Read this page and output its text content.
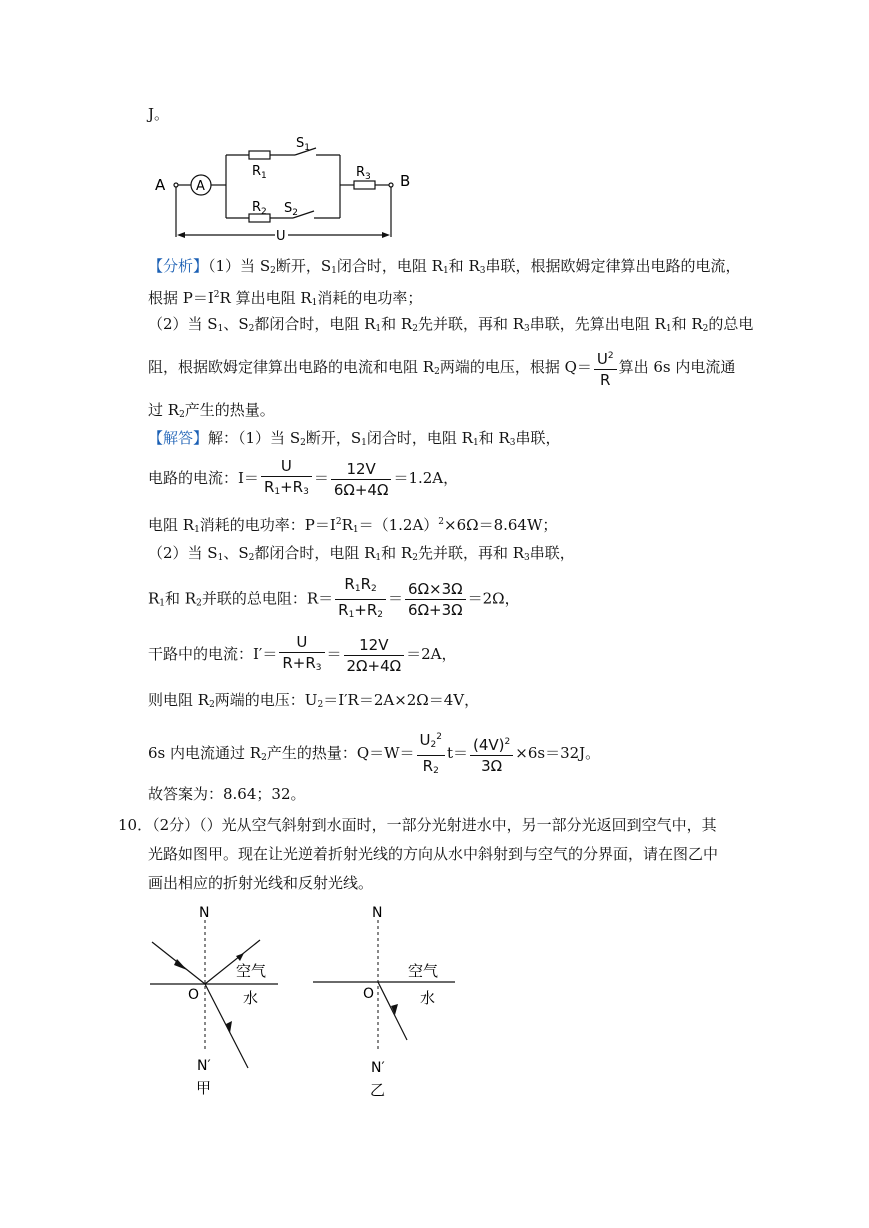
J。
A	B
A
$R_1$
$R_2$
$R_3$
$S_1$
$S_2$
U
【分析】（1）当 $S_2$断开，$S_1$闭合时，电阻 $R_1$和 $R_3$串联，根据欧姆定律算出电路的电流，
根据 $P=I^2R$ 算出电阻 $R_1$消耗的电功率；
（2）当 $S_1$、$S_2$都闭合时，电阻 $R_1$和 $R_2$先并联，再和 $R_3$串联，先算出电阻 $R_1$和 $R_2$的总电
阻，根据欧姆定律算出电路的电流和电阻 $R_2$两端的电压，根据 $Q= \frac{U^2}{R}$ 算出 6s 内电流通
过 $R_2$产生的热量。
【解答】解：（1）当 $S_2$断开，$S_1$闭合时，电阻 $R_1$和 $R_3$串联，
电路的电流：$I= \frac{U}{R_1+R_3} = \frac{12V}{6\Omega+4\Omega} =1.2A$，
电阻 $R_1$消耗的电功率：$P=I^2R_1=(1.2A)^2\times 6\Omega=8.64W$；
（2）当 $S_1$、$S_2$都闭合时，电阻 $R_1$和 $R_2$先并联，再和 $R_3$串联，
$R_1$和 $R_2$并联的总电阻：$R= \frac{R_1R_2}{R_1+R_2} = \frac{6\Omega\times 3\Omega}{6\Omega+3\Omega} =2\Omega$，
干路中的电流：$I'= \frac{U}{R+R_3} = \frac{12V}{2\Omega+4\Omega} =2A$，
则电阻 $R_2$两端的电压：$U_2=I'R=2A\times 2\Omega=4V$，
6s 内电流通过 $R_2$产生的热量：$Q=W= \frac{U_2^2}{R_2} t= \frac{(4V)^2}{3\Omega} \times 6s=32J$。
故答案为：8.64；32。
10．（2分）（）光从空气斜射到水面时，一部分光射进水中，另一部分光返回到空气中，其
光路如图甲。现在让光逆着折射光线的方向从水中斜射到与空气的分界面，请在图乙中
画出相应的折射光线和反射光线。
N
O
空气
水
N′
甲
N
O
空气
水
N′
乙
